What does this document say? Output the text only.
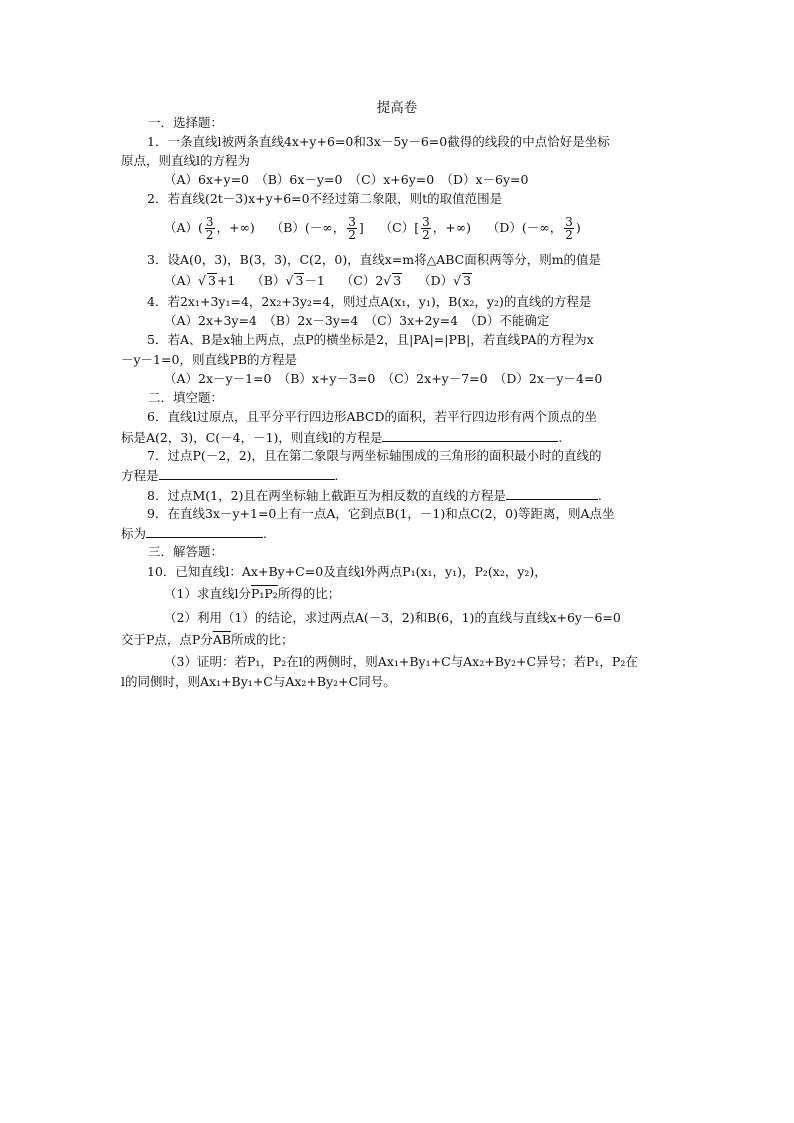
提高卷
一．选择题：
1．一条直线l被两条直线4x+y+6=0和3x－5y－6=0截得的线段的中点恰好是坐标
原点，则直线l的方程为
（A）6x+y=0　（B）6x－y=0　（C）x+6y=0　（D）x－6y=0
2．若直线(2t－3)x+y+6=0不经过第二象限，则t的取值范围是
$(A)( \frac{3}{2}$ ，+∞) （B）(－∞， $\frac{3}{2}$ ] $(C)[ \frac{3}{2}$ ，+∞) （D）(－∞， $\frac{3}{2}$ )
3．设A(0，3)，B(3，3)，C(2，0)，直线x=m将△ABC面积两等分，则m的值是
（A）√ 3+1 （B）√ 3－1 （C）2√ 3 （D）√ 3
4．若2x₁+3y₁=4，2x₂+3y₂=4，则过点A(x₁，y₁)，B(x₂，y₂)的直线的方程是
（A）2x+3y=4　（B）2x－3y=4　（C）3x+2y=4　（D）不能确定
5．若A、B是x轴上两点，点P的横坐标是2，且|PA|=|PB|，若直线PA的方程为x
－y－1=0，则直线PB的方程是
（A）2x－y－1=0　（B）x+y－3=0　（C）2x+y－7=0　（D）2x－y－4=0
二．填空题：
6．直线l过原点，且平分平行四边形ABCD的面积，若平行四边形有两个顶点的坐
标是A(2，3)，C(－4，－1)，则直线l的方程是	.
7．过点P(－2，2)，且在第二象限与两坐标轴围成的三角形的面积最小时的直线的
方程是	.
8．过点M(1，2)且在两坐标轴上截距互为相反数的直线的方程是	.
9．在直线3x－y+1=0上有一点A，它到点B(1，－1)和点C(2，0)等距离，则A点坐
标为	.
三．解答题：
10．已知直线l：Ax+By+C=0及直线l外两点P₁(x₁，y₁)，P₂(x₂，y₂)，
（1）求直线l分P₁P₂所得的比；
（2）利用（1）的结论，求过两点A(－3，2)和B(6，1)的直线与直线x+6y－6=0
交于P点，点P分$\overline{AB}$所成的比；
（3）证明：若P₁，P₂在l的两侧时，则Ax₁+By₁+C与Ax₂+By₂+C异号；若P₁，P₂在
l的同侧时，则Ax₁+By₁+C与Ax₂+By₂+C同号。
